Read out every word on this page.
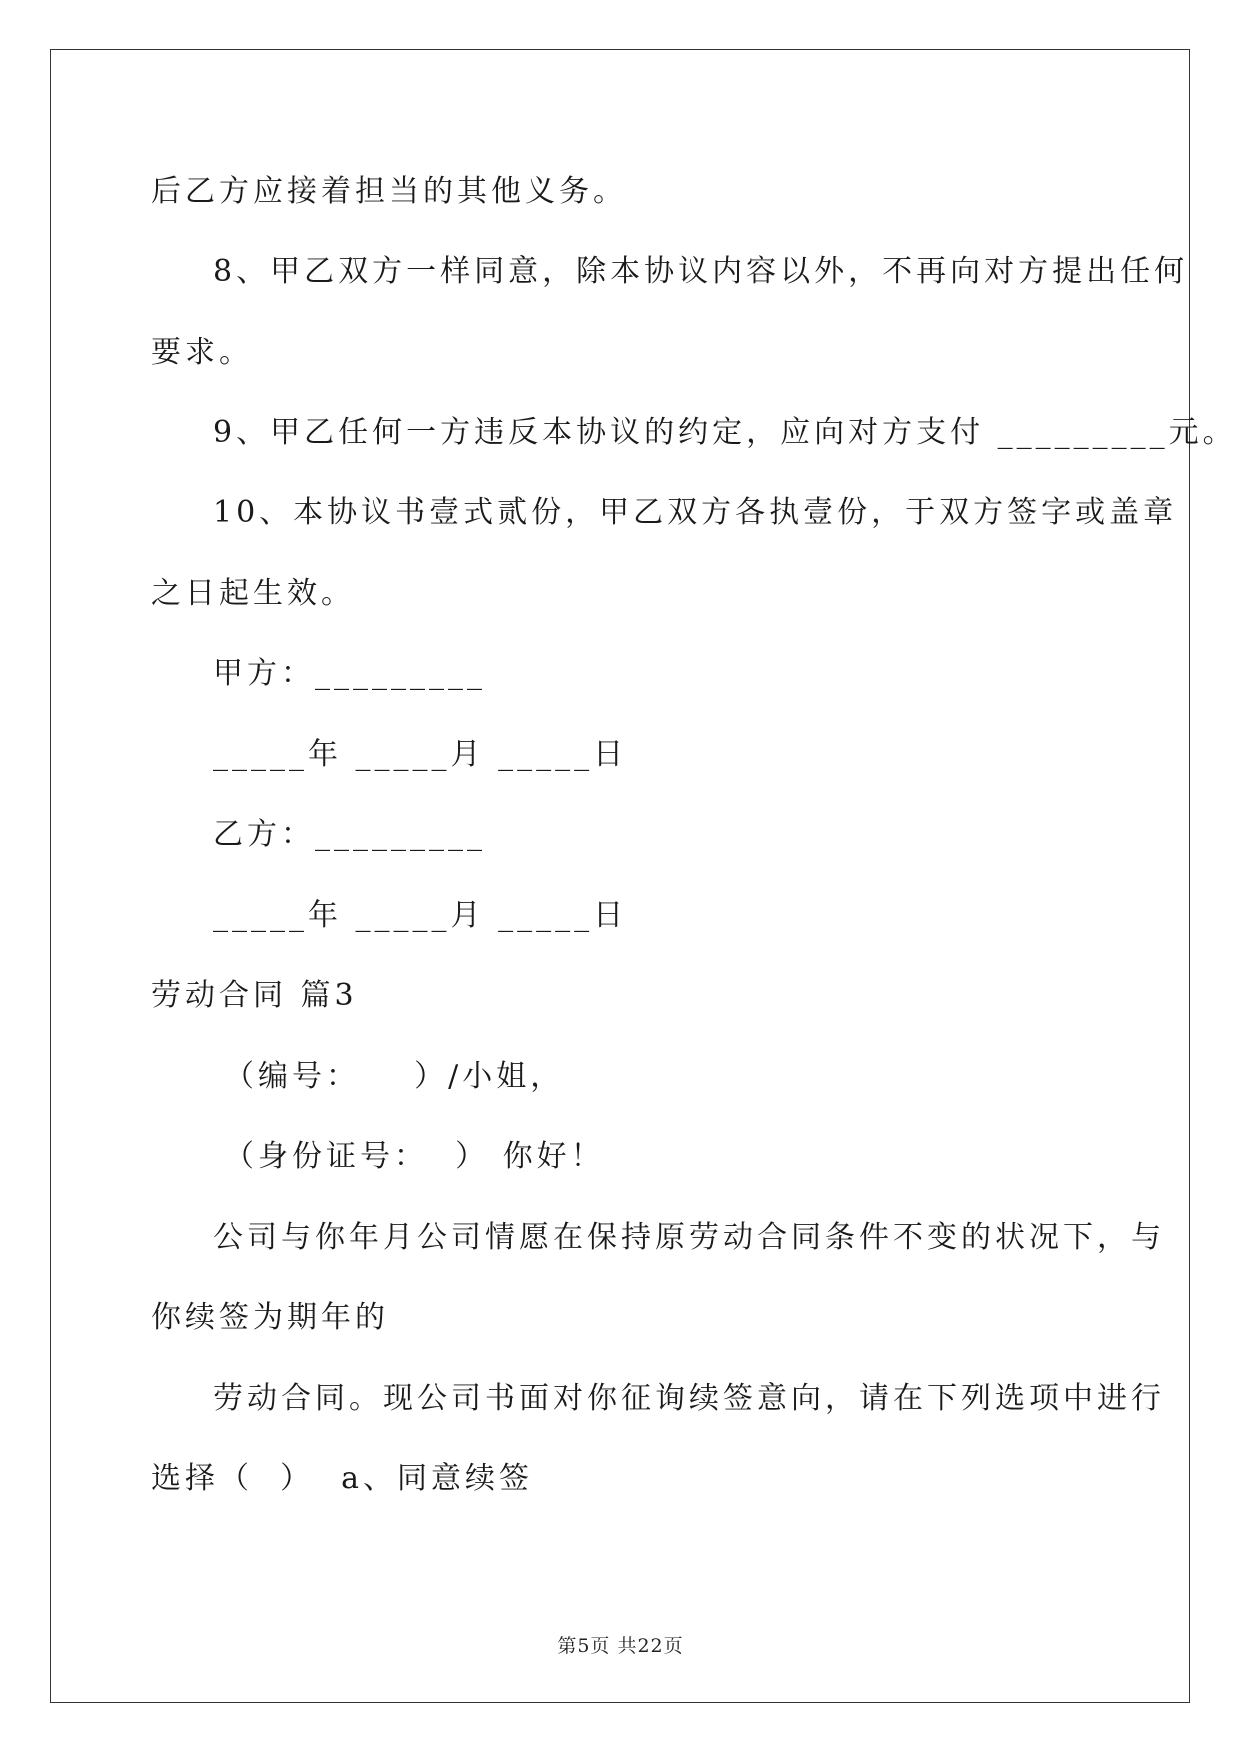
后乙方应接着担当的其他义务。
8、甲乙双方一样同意，除本协议内容以外，不再向对方提出任何
要求。
9、甲乙任何一方违反本协议的约定，应向对方支付 _________元。
10、本协议书壹式贰份，甲乙双方各执壹份，于双方签字或盖章
之日起生效。
甲方：_________
_____年 _____月 _____日
乙方：_________
_____年 _____月 _____日
劳动合同 篇3
（编号：    ）/小姐，
（身份证号：  ） 你好！
公司与你年月公司情愿在保持原劳动合同条件不变的状况下，与
你续签为期年的
劳动合同。现公司书面对你征询续签意向，请在下列选项中进行
选择（  ）  a、同意续签
第5页 共22页
